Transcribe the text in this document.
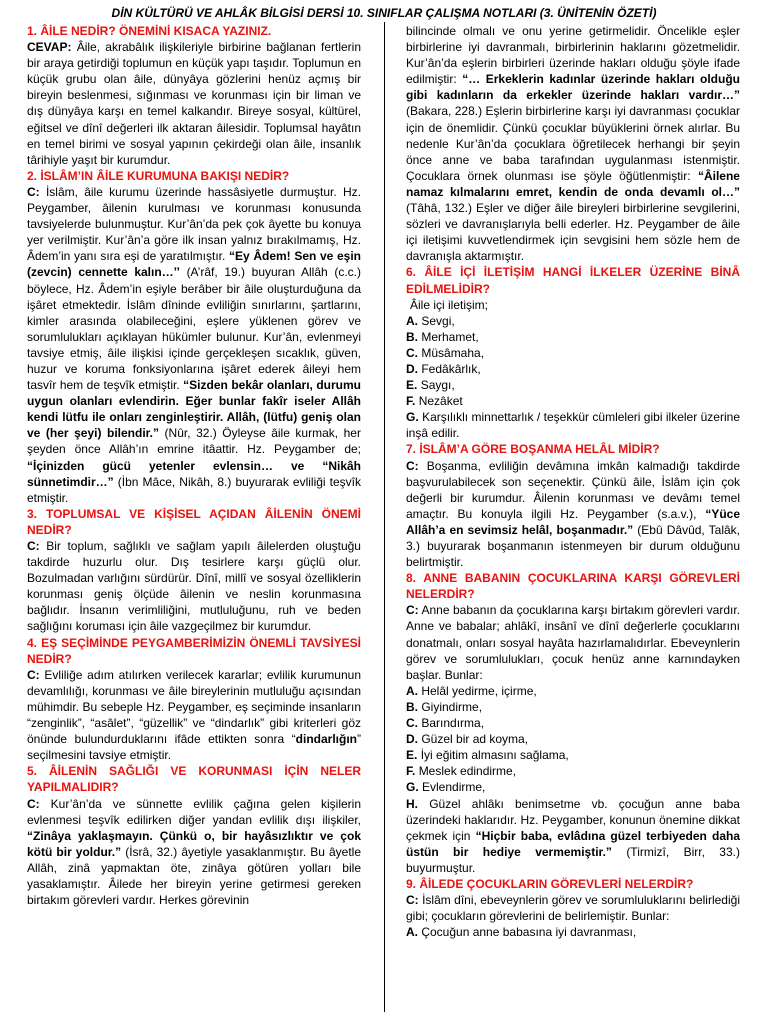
DİN KÜLTÜRÜ VE AHLÂK BİLGİSİ DERSİ 10. SINIFLAR ÇALIŞMA NOTLARI (3. ÜNİTENİN ÖZETİ)

1. ÂİLE NEDİR? ÖNEMİNİ KISACA YAZINIZ.

CEVAP: Âile, akrabâlık ilişkileriyle birbirine bağlanan fertlerin bir araya getirdiği toplumun en küçük yapı taşıdır. Toplumun en küçük grubu olan âile, dünyâya gözlerini henüz açmış bir bireyin beslenmesi, sığınması ve korunması için bir liman ve dış dünyâya karşı en temel kalkandır. Bireye sosyal, kültürel, eğitsel ve dînî değerleri ilk aktaran âilesidir. Toplumsal hayâtın en temel birimi ve sosyal yapının çekirdeği olan âile, insanlık târihiyle yaşıt bir kurumdur.

2. İSLÂM’IN ÂİLE KURUMUNA BAKIŞI NEDİR?

C: İslâm, âile kurumu üzerinde hassâsiyetle durmuştur. Hz. Peygamber, âilenin kurulması ve korunması konusunda tavsiyelerde bulunmuştur. Kur’ân’da pek çok âyette bu konuya yer verilmiştir. Kur’ân’a göre ilk insan yalnız bırakılmamış, Hz. Âdem’in yanı sıra eşi de yaratılmıştır. “Ey Âdem! Sen ve eşin (zevcin) cennette kalın…’’ (A’râf, 19.) buyuran Allâh (c.c.) böylece, Hz. Âdem’in eşiyle berâber bir âile oluşturduğuna da işâret etmektedir. İslâm dîninde evliliğin sınırlarını, şartlarını, kimler arasında olabileceğini, eşlere yüklenen görev ve sorumlulukları açıklayan hükümler bulunur. Kur’ân, evlenmeyi tavsiye etmiş, âile ilişkisi içinde gerçekleşen sıcaklık, güven, huzur ve koruma fonksiyonlarına işâret ederek âileyi hem tasvîr hem de teşvîk etmiştir. “Sizden bekâr olanları, durumu uygun olanları evlendirin. Eğer bunlar fakîr iseler Allâh kendi lütfu ile onları zenginleştirir. Allâh, (lütfu) geniş olan ve (her şeyi) bilendir.” (Nûr, 32.) Öyleyse âile kurmak, her şeyden önce Allâh’ın emrine itâattir. Hz. Peygamber de; “İçinizden gücü yetenler evlensin… ve “Nikâh sünnetimdir…” (İbn Mâce, Nikâh, 8.) buyurarak evliliği teşvîk etmiştir.

3. TOPLUMSAL VE KİŞİSEL AÇIDAN ÂİLENİN ÖNEMİ NEDİR?

C: Bir toplum, sağlıklı ve sağlam yapılı âilelerden oluştuğu takdirde huzurlu olur. Dış tesirlere karşı güçlü olur. Bozulmadan varlığını sürdürür. Dînî, millî ve sosyal özelliklerin korunması geniş ölçüde âilenin ve neslin korunmasına bağlıdır. İnsanın verimliliğini, mutluluğunu, ruh ve beden sağlığını koruması için âile vazgeçilmez bir kurumdur.

4. EŞ SEÇİMİNDE PEYGAMBERİMİZİN ÖNEMLİ TAVSİYESİ NEDİR?

C: Evliliğe adım atılırken verilecek kararlar; evlilik kurumunun devamlılığı, korunması ve âile bireylerinin mutluluğu açısından mühimdir. Bu sebeple Hz. Peygamber, eş seçiminde insanların “zenginlik”, “asâlet”, “güzellik” ve “dindarlık” gibi kriterleri göz önünde bulundurduklarını ifâde ettikten sonra “dindarlığın” seçilmesini tavsiye etmiştir.

5. ÂİLENİN SAĞLIĞI VE KORUNMASI İÇİN NELER YAPILMALIDIR?

C: Kur’ân’da ve sünnette evlilik çağına gelen kişilerin evlenmesi teşvîk edilirken diğer yandan evlilik dışı ilişkiler, “Zinâya yaklaşmayın. Çünkü o, bir hayâsızlıktır ve çok kötü bir yoldur.” (İsrâ, 32.) âyetiyle yasaklanmıştır. Bu âyetle Allâh, zinâ yapmaktan öte, zinâya götüren yolları bile yasaklamıştır. Âilede her bireyin yerine getirmesi gereken birtakım görevleri vardır. Herkes görevinin

bilincinde olmalı ve onu yerine getirmelidir. Öncelikle eşler birbirlerine iyi davranmalı, birbirlerinin haklarını gözetmelidir. Kur’ân’da eşlerin birbirleri üzerinde hakları olduğu şöyle ifade edilmiştir: “… Erkeklerin kadınlar üzerinde hakları olduğu gibi kadınların da erkekler üzerinde hakları vardır…” (Bakara, 228.) Eşlerin birbirlerine karşı iyi davranması çocuklar için de önemlidir. Çünkü çocuklar büyüklerini örnek alırlar. Bu nedenle Kur’ân’da çocuklara öğretilecek herhangi bir şeyin önce anne ve baba tarafından uygulanması istenmiştir. Çocuklara örnek olunması ise şöyle öğütlenmiştir: “Âilene namaz kılmalarını emret, kendin de onda devamlı ol…” (Tâhâ, 132.) Eşler ve diğer âile bireyleri birbirlerine sevgilerini, sözleri ve davranışlarıyla belli ederler. Hz. Peygamber de âile içi iletişimi kuvvetlendirmek için sevgisini hem sözle hem de davranışla aktarmıştır.

6. ÂİLE İÇİ İLETİŞİM HANGİ İLKELER ÜZERİNE BİNÂ EDİLMELİDİR?

Âile içi iletişim;

A. Sevgi,

B. Merhamet,

C. Müsâmaha,

D. Fedâkârlık,

E. Saygı,

F. Nezâket

G. Karşılıklı minnettarlık / teşekkür cümleleri gibi ilkeler üzerine inşâ edilir.

7. İSLÂM’A GÖRE BOŞANMA HELÂL MİDİR?

C: Boşanma, evliliğin devâmına imkân kalmadığı takdirde başvurulabilecek son seçenektir. Çünkü âile, İslâm için çok değerli bir kurumdur. Âilenin korunması ve devâmı temel amaçtır. Bu konuyla ilgili Hz. Peygamber (s.a.v.), “Yüce Allâh’a en sevimsiz helâl, boşanmadır.” (Ebû Dâvûd, Talâk, 3.) buyurarak boşanmanın istenmeyen bir durum olduğunu belirtmiştir.

8. ANNE BABANIN ÇOCUKLARINA KARŞI GÖREVLERİ NELERDİR?

C: Anne babanın da çocuklarına karşı birtakım görevleri vardır. Anne ve babalar; ahlâkî, insânî ve dînî değerlerle çocuklarını donatmalı, onları sosyal hayâta hazırlamalıdırlar. Ebeveynlerin görev ve sorumlulukları, çocuk henüz anne karnındayken başlar. Bunlar:

A. Helâl yedirme, içirme,

B. Giyindirme,

C. Barındırma,

D. Güzel bir ad koyma,

E. İyi eğitim almasını sağlama,

F. Meslek edindirme,

G. Evlendirme,

H. Güzel ahlâkı benimsetme vb. çocuğun anne baba üzerindeki haklarıdır. Hz. Peygamber, konunun önemine dikkat çekmek için “Hiçbir baba, evlâdına güzel terbiyeden daha üstün bir hediye vermemiştir.” (Tirmizî, Birr, 33.) buyurmuştur.

9. ÂİLEDE ÇOCUKLARIN GÖREVLERİ NELERDİR?

C: İslâm dîni, ebeveynlerin görev ve sorumluluklarını belirlediği gibi; çocukların görevlerini de belirlemiştir. Bunlar:

A. Çocuğun anne babasına iyi davranması,
